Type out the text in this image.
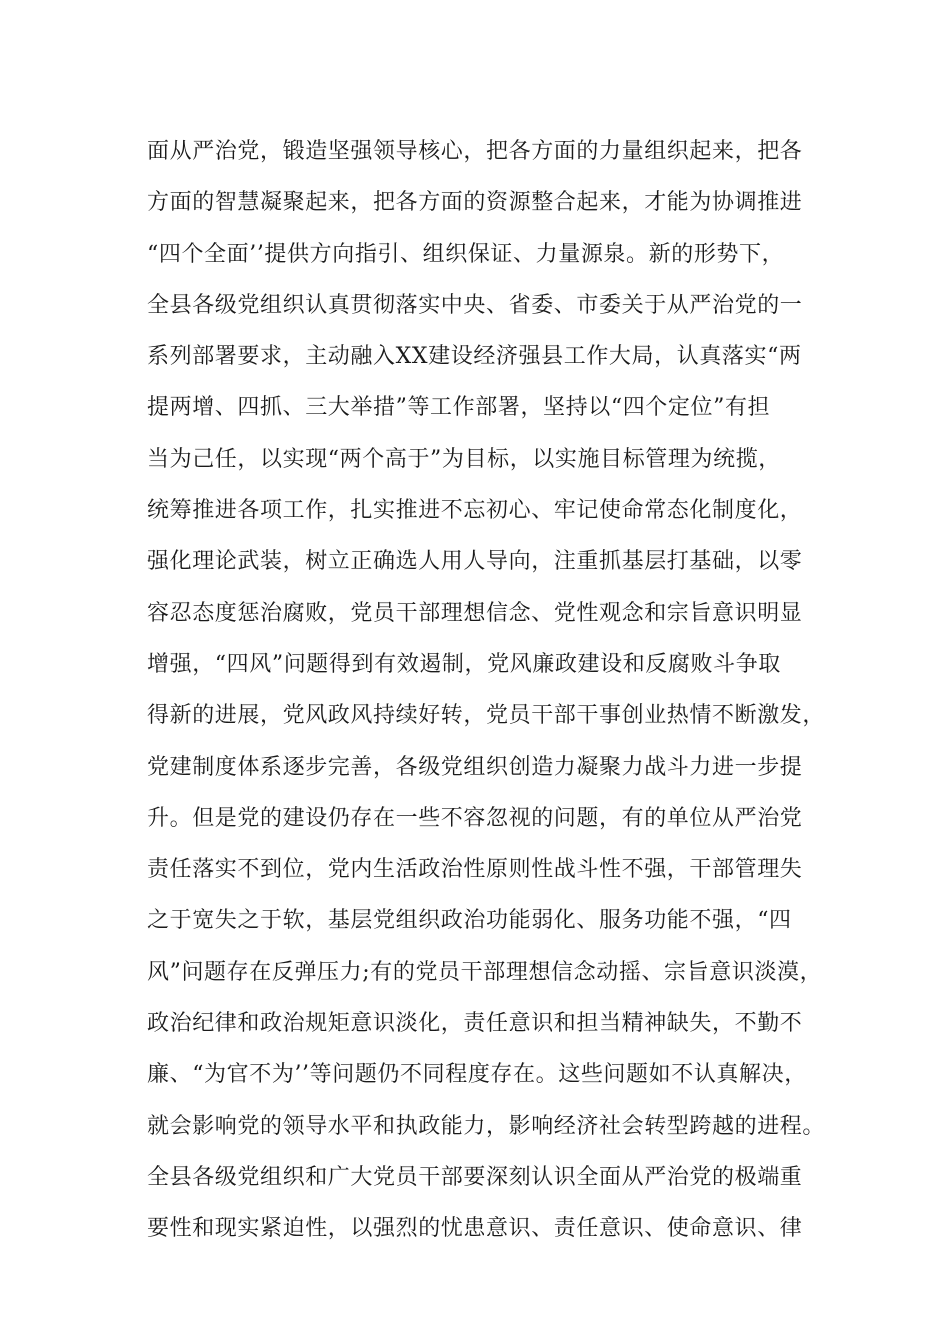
面从严治党，锻造坚强领导核心，把各方面的力量组织起来，把各
方面的智慧凝聚起来，把各方面的资源整合起来，才能为协调推进
“四个全面’’提供方向指引、组织保证、力量源泉。新的形势下，
全县各级党组织认真贯彻落实中央、省委、市委关于从严治党的一
系列部署要求，主动融入XX建设经济强县工作大局，认真落实“两
提两增、四抓、三大举措”等工作部署，坚持以“四个定位”有担
当为己任，以实现“两个高于”为目标，以实施目标管理为统揽，
统筹推进各项工作，扎实推进不忘初心、牢记使命常态化制度化，
强化理论武装，树立正确选人用人导向，注重抓基层打基础，以零
容忍态度惩治腐败，党员干部理想信念、党性观念和宗旨意识明显
增强，“四风”问题得到有效遏制，党风廉政建设和反腐败斗争取
得新的进展，党风政风持续好转，党员干部干事创业热情不断激发，
党建制度体系逐步完善，各级党组织创造力凝聚力战斗力进一步提
升。但是党的建设仍存在一些不容忽视的问题，有的单位从严治党
责任落实不到位，党内生活政治性原则性战斗性不强，干部管理失
之于宽失之于软，基层党组织政治功能弱化、服务功能不强，“四
风”问题存在反弹压力;有的党员干部理想信念动摇、宗旨意识淡漠，
政治纪律和政治规矩意识淡化，责任意识和担当精神缺失，不勤不
廉、“为官不为’’等问题仍不同程度存在。这些问题如不认真解决，
就会影响党的领导水平和执政能力，影响经济社会转型跨越的进程。
全县各级党组织和广大党员干部要深刻认识全面从严治党的极端重
要性和现实紧迫性，以强烈的忧患意识、责任意识、使命意识、律
